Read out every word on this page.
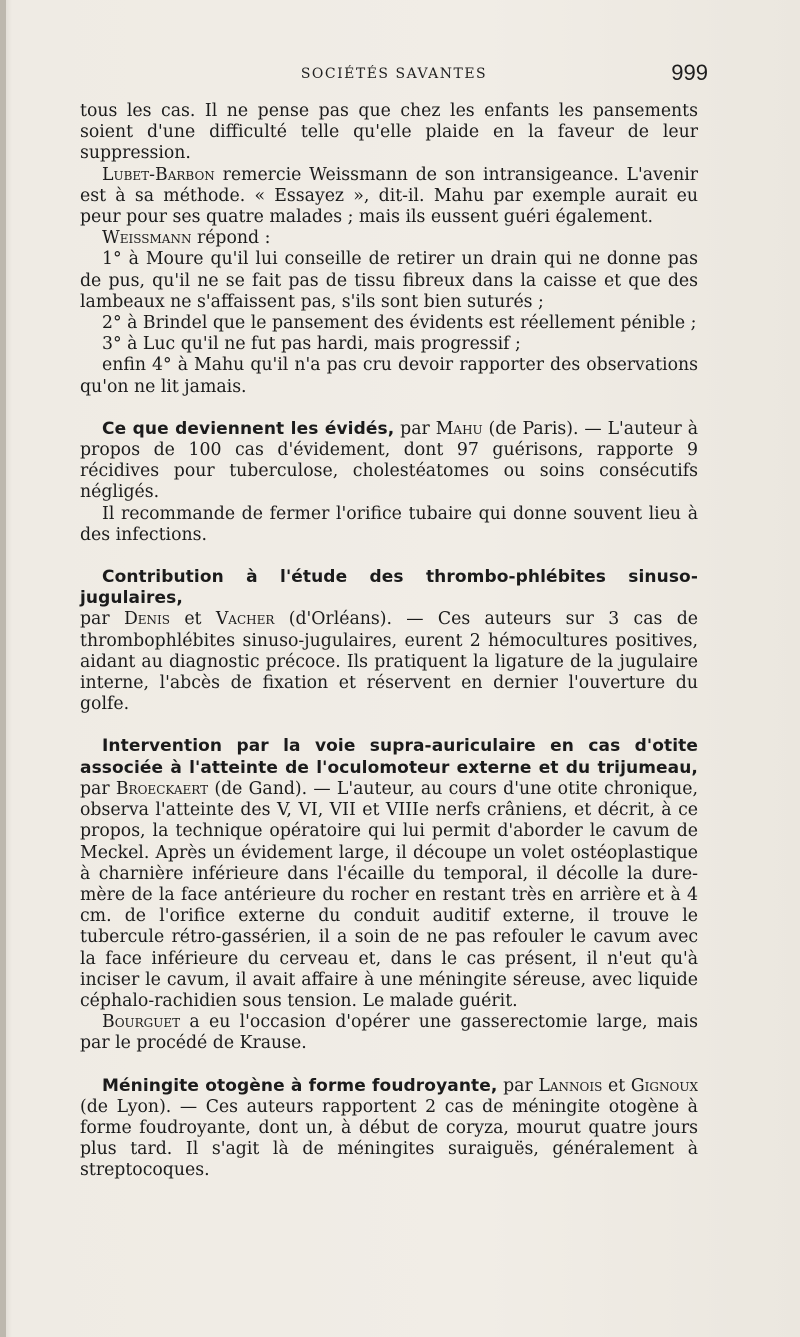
SOCIÉTÉS SAVANTES	999

tous les cas. Il ne pense pas que chez les enfants les pansements soient d'une difficulté telle qu'elle plaide en la faveur de leur suppression.

Lubet-Barbon remercie Weissmann de son intransigeance. L'avenir est à sa méthode. « Essayez », dit-il. Mahu par exemple aurait eu peur pour ses quatre malades ; mais ils eussent guéri également.

Weissmann répond :

1° à Moure qu'il lui conseille de retirer un drain qui ne donne pas de pus, qu'il ne se fait pas de tissu fibreux dans la caisse et que des lambeaux ne s'affaissent pas, s'ils sont bien suturés ;

2° à Brindel que le pansement des évidents est réellement pénible ;

3° à Luc qu'il ne fut pas hardi, mais progressif ;

enfin 4° à Mahu qu'il n'a pas cru devoir rapporter des observations qu'on ne lit jamais.

Ce que deviennent les évidés, par Mahu (de Paris). — L'auteur à propos de 100 cas d'évidement, dont 97 guérisons, rapporte 9 récidives pour tuberculose, cholestéatomes ou soins consécutifs négligés.

Il recommande de fermer l'orifice tubaire qui donne souvent lieu à des infections.

Contribution à l'étude des thrombo-phlébites sinuso-jugulaires,
par Denis et Vacher (d'Orléans). — Ces auteurs sur 3 cas de thrombophlébites sinuso-jugulaires, eurent 2 hémocultures positives, aidant au diagnostic précoce. Ils pratiquent la ligature de la jugulaire interne, l'abcès de fixation et réservent en dernier l'ouverture du golfe.

Intervention par la voie supra-auriculaire en cas d'otite associée à l'atteinte de l'oculomoteur externe et du trijumeau, par Broeckaert (de Gand). — L'auteur, au cours d'une otite chronique, observa l'atteinte des V, VI, VII et VIIIe nerfs crâniens, et décrit, à ce propos, la technique opératoire qui lui permit d'aborder le cavum de Meckel. Après un évidement large, il découpe un volet ostéoplastique à charnière inférieure dans l'écaille du temporal, il décolle la dure-mère de la face antérieure du rocher en restant très en arrière et à 4 cm. de l'orifice externe du conduit auditif externe, il trouve le tubercule rétro-gassérien, il a soin de ne pas refouler le cavum avec la face inférieure du cerveau et, dans le cas présent, il n'eut qu'à inciser le cavum, il avait affaire à une méningite séreuse, avec liquide céphalo-rachidien sous tension. Le malade guérit.

Bourguet a eu l'occasion d'opérer une gasserectomie large, mais par le procédé de Krause.

Méningite otogène à forme foudroyante, par Lannois et Gignoux (de Lyon). — Ces auteurs rapportent 2 cas de méningite otogène à forme foudroyante, dont un, à début de coryza, mourut quatre jours plus tard. Il s'agit là de méningites suraiguës, généralement à streptocoques.
